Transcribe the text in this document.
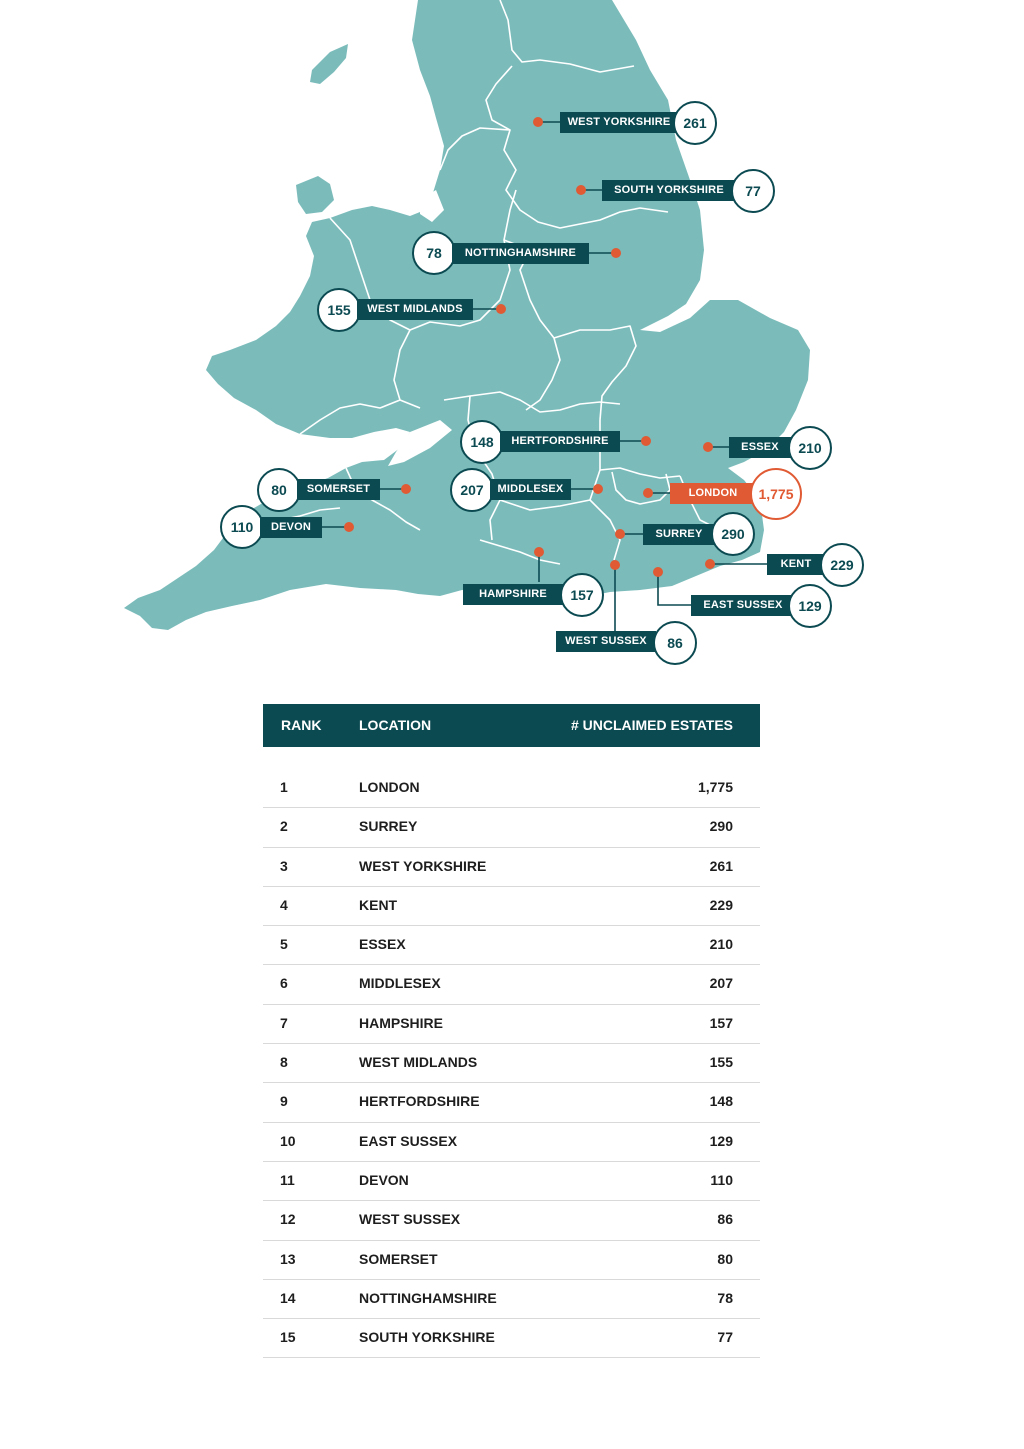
WEST YORKSHIRE 261
SOUTH YORKSHIRE	77
78	NOTTINGHAMSHIRE
155	WEST MIDLANDS
148	HERTFORDSHIRE	ESSEX	210
80	SOMERSET	207	MIDDLESEX	LONDON	1,775
110	DEVON
SURREY	290
KENT	229
HAMPSHIRE	157
EAST SUSSEX	129
WEST SUSSEX	86
RANK	LOCATION	# UNCLAIMED ESTATES
1	LONDON	1,775
2	SURREY	290
3	WEST YORKSHIRE	261
4	KENT	229
5	ESSEX	210
6	MIDDLESEX	207
7	HAMPSHIRE	157
8	WEST MIDLANDS	155
9	HERTFORDSHIRE	148
10	EAST SUSSEX	129
11	DEVON	110
12	WEST SUSSEX	86
13	SOMERSET	80
14	NOTTINGHAMSHIRE	78
15	SOUTH YORKSHIRE	77
